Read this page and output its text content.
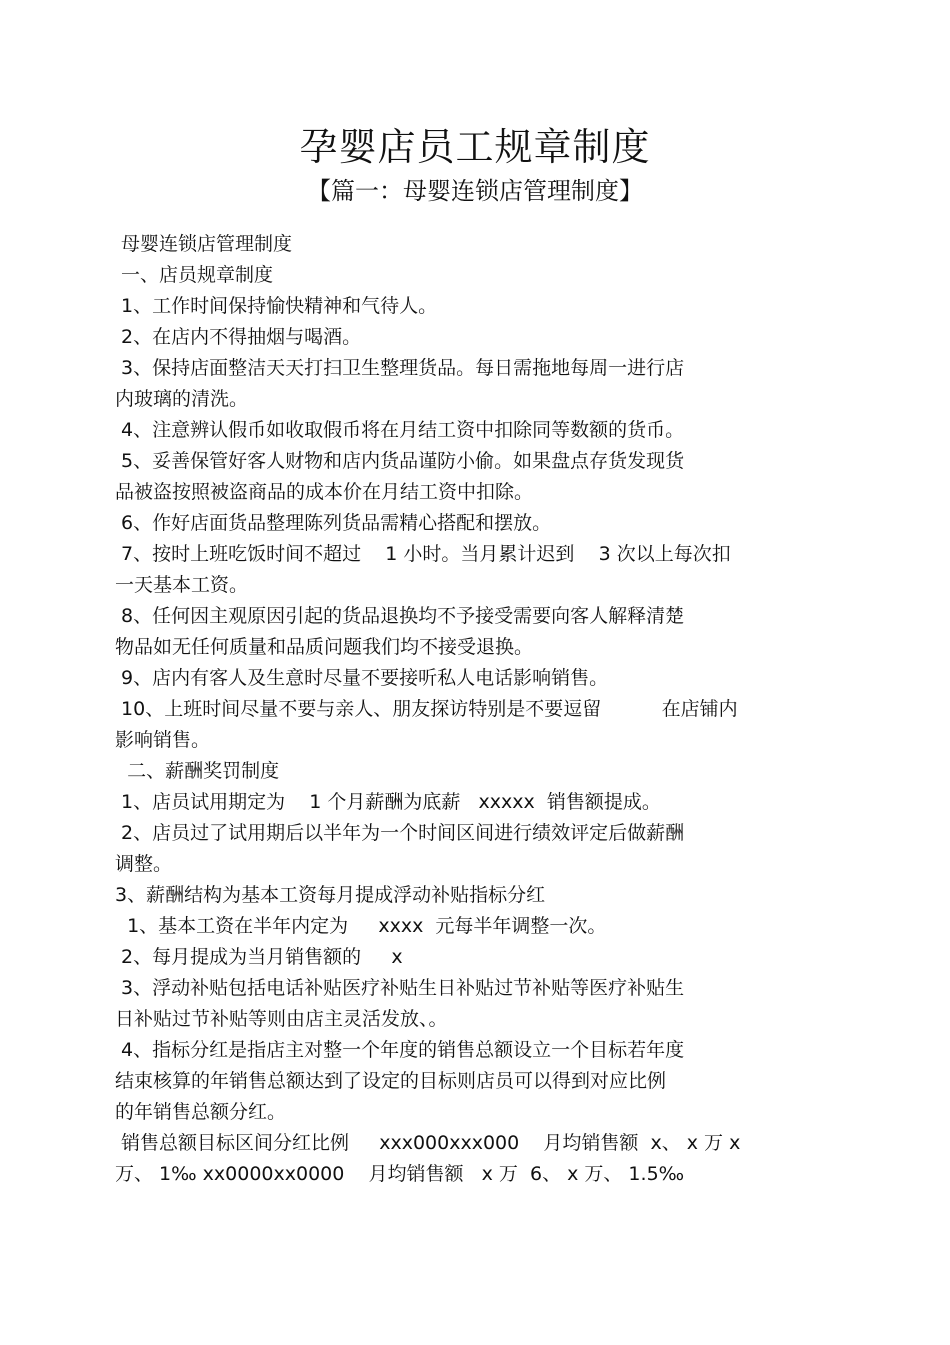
孕婴店员工规章制度
【篇一：母婴连锁店管理制度】
母婴连锁店管理制度
一、店员规章制度
1、工作时间保持愉快精神和气待人。
2、在店内不得抽烟与喝酒。
3、保持店面整洁天天打扫卫生整理货品。每日需拖地每周一进行店
内玻璃的清洗。
4、注意辨认假币如收取假币将在月结工资中扣除同等数额的货币。
5、妥善保管好客人财物和店内货品谨防小偷。如果盘点存货发现货
品被盗按照被盗商品的成本价在月结工资中扣除。
6、作好店面货品整理陈列货品需精心搭配和摆放。
7、按时上班吃饭时间不超过    1 小时。当月累计迟到    3 次以上每次扣
一天基本工资。
8、任何因主观原因引起的货品退换均不予接受需要向客人解释清楚
物品如无任何质量和品质问题我们均不接受退换。
9、店内有客人及生意时尽量不要接听私人电话影响销售。
10、上班时间尽量不要与亲人、朋友探访特别是不要逗留          在店铺内
影响销售。
二、薪酬奖罚制度
1、店员试用期定为    1 个月薪酬为底薪   xxxxx  销售额提成。
2、店员过了试用期后以半年为一个时间区间进行绩效评定后做薪酬
调整。
3、薪酬结构为基本工资每月提成浮动补贴指标分红
1、基本工资在半年内定为     xxxx  元每半年调整一次。
2、每月提成为当月销售额的     x
3、浮动补贴包括电话补贴医疗补贴生日补贴过节补贴等医疗补贴生
日补贴过节补贴等则由店主灵活发放、。
4、指标分红是指店主对整一个年度的销售总额设立一个目标若年度
结束核算的年销售总额达到了设定的目标则店员可以得到对应比例
的年销售总额分红。
销售总额目标区间分红比例     xxx000xxx000    月均销售额  x、 x 万 x
万、 1‰ xx0000xx0000    月均销售额   x 万  6、 x 万、 1.5‰
